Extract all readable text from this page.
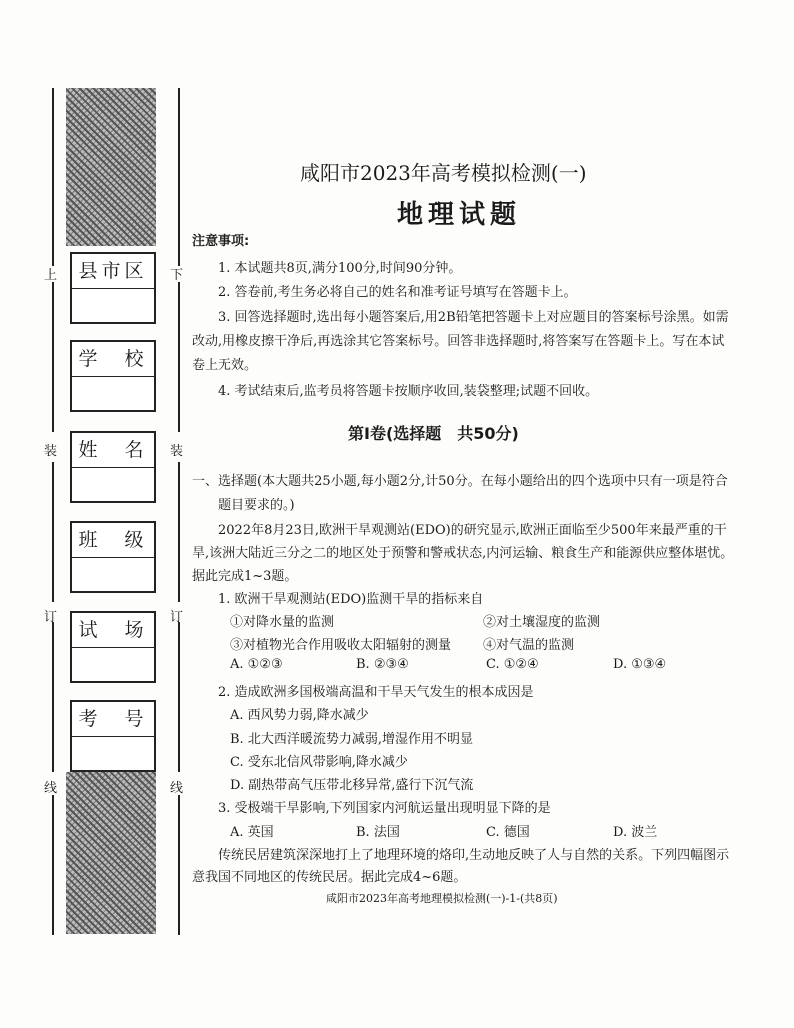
上
装
订
线
下
装
订
线
县市区
学　校
姓　名
班　级
试　场
考　号
咸阳市2023年高考模拟检测(一)
地理试题
注意事项:
1. 本试题共8页,满分100分,时间90分钟。
2. 答卷前,考生务必将自己的姓名和准考证号填写在答题卡上。
3. 回答选择题时,选出每小题答案后,用2B铅笔把答题卡上对应题目的答案标号涂黑。如需
改动,用橡皮擦干净后,再选涂其它答案标号。回答非选择题时,将答案写在答题卡上。写在本试
卷上无效。
4. 考试结束后,监考员将答题卡按顺序收回,装袋整理;试题不回收。
第Ⅰ卷(选择题　共50分)
一、选择题(本大题共25小题,每小题2分,计50分。在每小题给出的四个选项中只有一项是符合
题目要求的。)
2022年8月23日,欧洲干旱观测站(EDO)的研究显示,欧洲正面临至少500年来最严重的干
旱,该洲大陆近三分之二的地区处于预警和警戒状态,内河运输、粮食生产和能源供应整体堪忧。
据此完成1~3题。
1. 欧洲干旱观测站(EDO)监测干旱的指标来自
①对降水量的监测	②对土壤湿度的监测
③对植物光合作用吸收太阳辐射的测量 ④对气温的监测
A. ①②③	B. ②③④	C. ①②④	D. ①③④
2. 造成欧洲多国极端高温和干旱天气发生的根本成因是
A. 西风势力弱,降水减少
B. 北大西洋暖流势力减弱,增湿作用不明显
C. 受东北信风带影响,降水减少
D. 副热带高气压带北移异常,盛行下沉气流
3. 受极端干旱影响,下列国家内河航运量出现明显下降的是
A. 英国	B. 法国	C. 德国	D. 波兰
传统民居建筑深深地打上了地理环境的烙印,生动地反映了人与自然的关系。下列四幅图示
意我国不同地区的传统民居。据此完成4~6题。
咸阳市2023年高考地理模拟检测(一)-1-(共8页)
